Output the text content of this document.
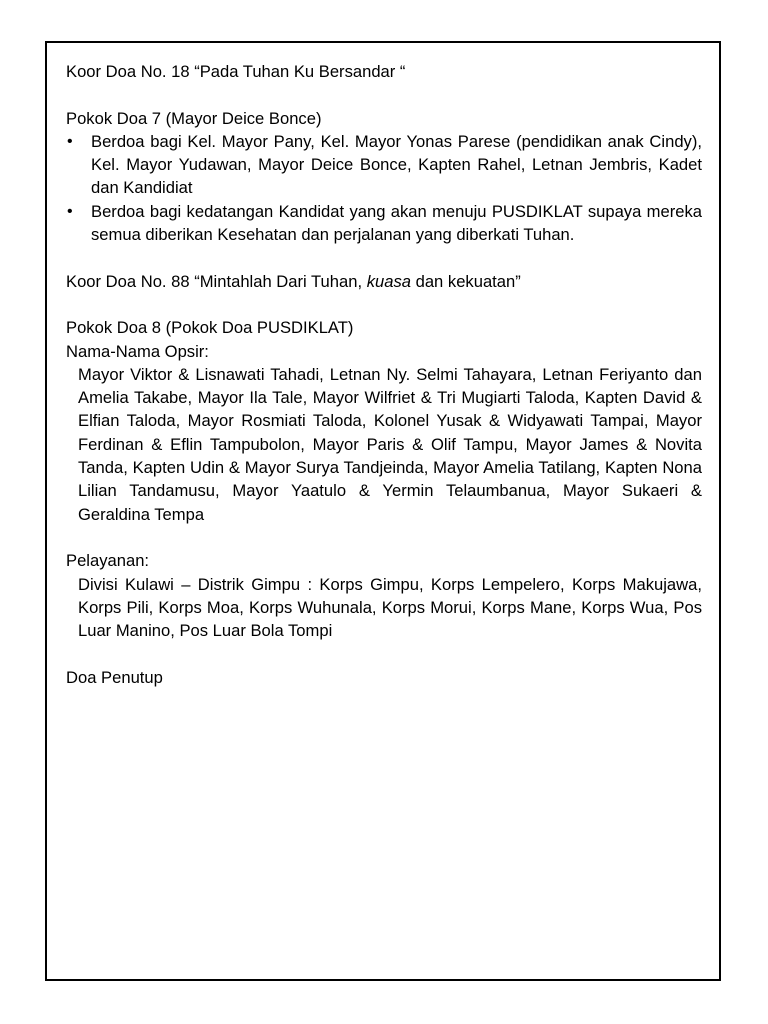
Koor Doa No. 18 “Pada Tuhan Ku Bersandar “

Pokok Doa 7 (Mayor Deice Bonce)

• Berdoa bagi Kel. Mayor Pany, Kel. Mayor Yonas Parese (pendidikan anak Cindy), Kel. Mayor Yudawan, Mayor Deice Bonce, Kapten Rahel, Letnan Jembris, Kadet dan Kandidiat
• Berdoa bagi kedatangan Kandidat yang akan menuju PUSDIKLAT supaya mereka semua diberikan Kesehatan dan perjalanan yang diberkati Tuhan.

Koor Doa No. 88 “Mintahlah Dari Tuhan, kuasa dan kekuatan”

Pokok Doa 8 (Pokok Doa PUSDIKLAT)

Nama-Nama Opsir:

Mayor Viktor & Lisnawati Tahadi, Letnan Ny. Selmi Tahayara, Letnan Feriyanto dan Amelia Takabe, Mayor Ila Tale, Mayor Wilfriet & Tri Mugiarti Taloda, Kapten David & Elfian Taloda, Mayor Rosmiati Taloda, Kolonel Yusak & Widyawati Tampai, Mayor Ferdinan & Eflin Tampubolon, Mayor Paris & Olif Tampu, Mayor James & Novita Tanda, Kapten Udin & Mayor Surya Tandjeinda, Mayor Amelia Tatilang, Kapten Nona Lilian Tandamusu, Mayor Yaatulo & Yermin Telaumbanua, Mayor Sukaeri & Geraldina Tempa

Pelayanan:

Divisi Kulawi – Distrik Gimpu : Korps Gimpu, Korps Lempelero, Korps Makujawa, Korps Pili, Korps Moa, Korps Wuhunala, Korps Morui, Korps Mane, Korps Wua, Pos Luar Manino, Pos Luar Bola Tompi

Doa Penutup
